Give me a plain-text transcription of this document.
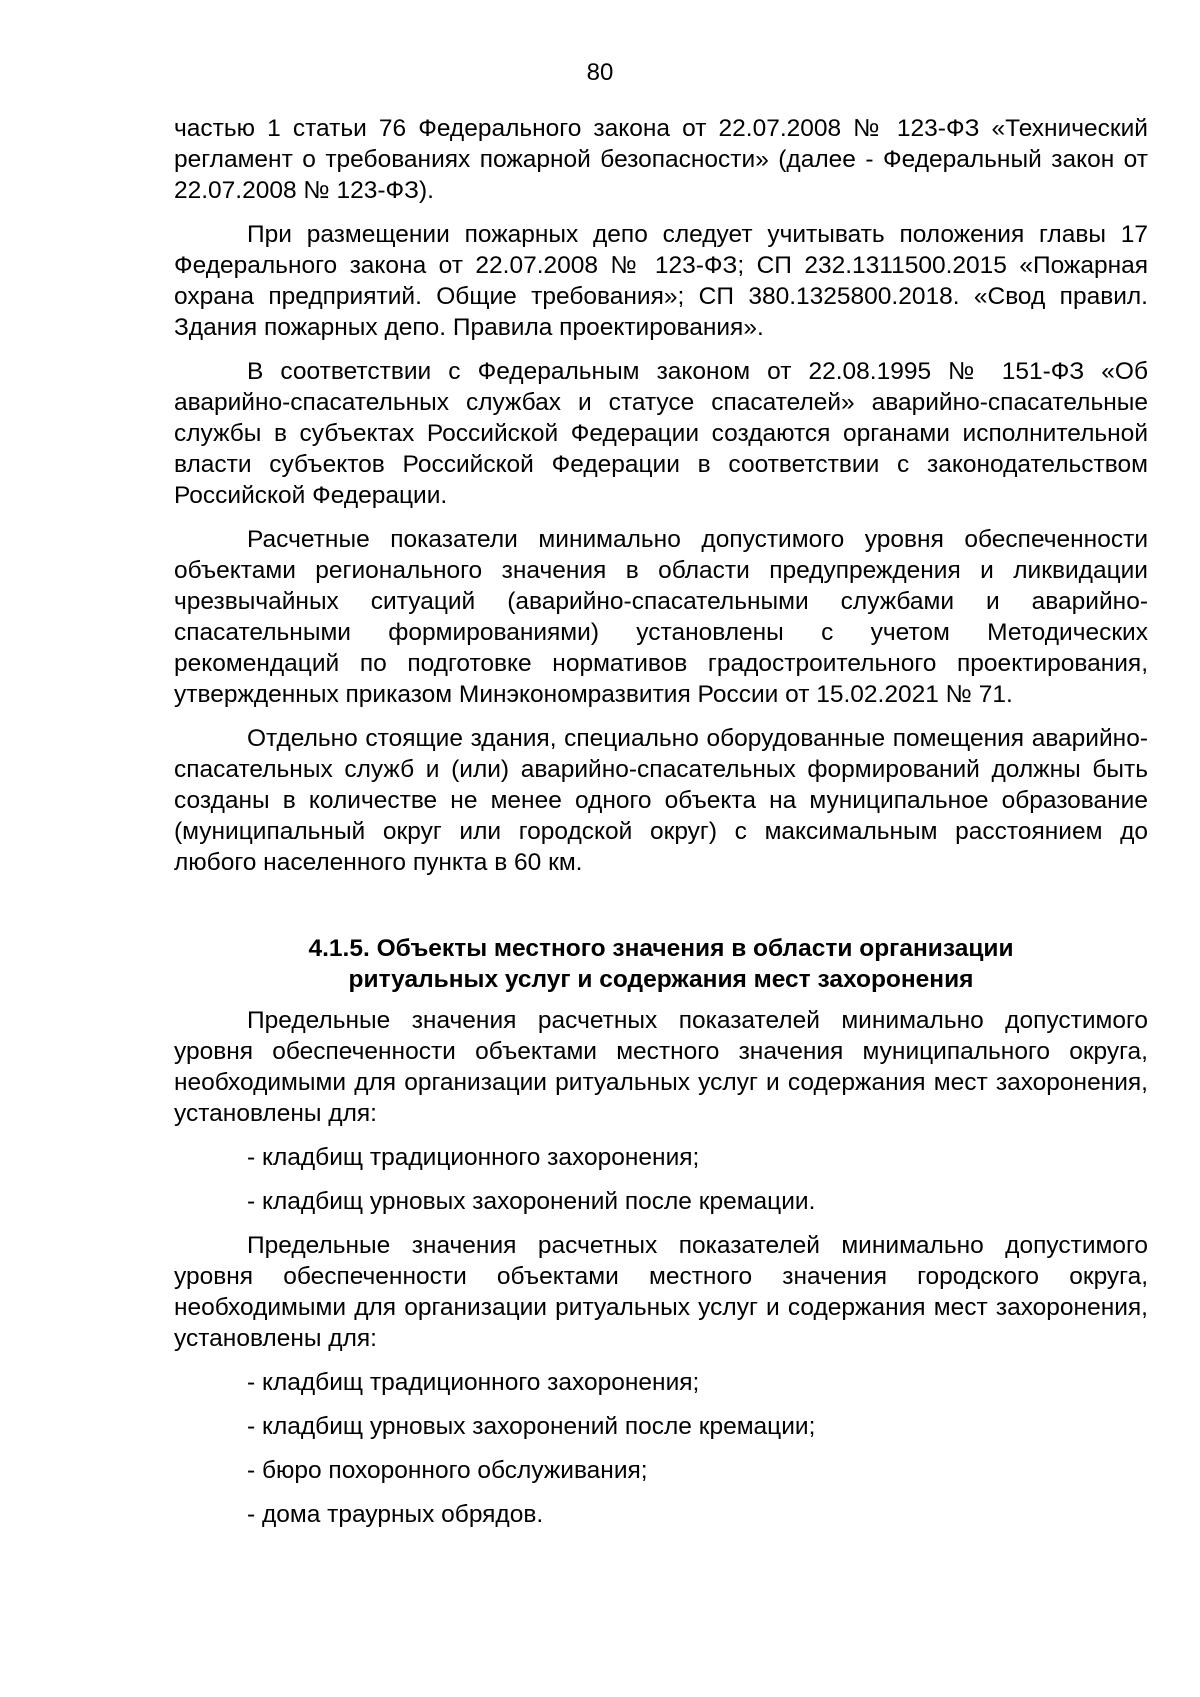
80

частью 1 статьи 76 Федерального закона от 22.07.2008 № 123-ФЗ «Технический регламент о требованиях пожарной безопасности» (далее - Федеральный закон от 22.07.2008 № 123-ФЗ).

При размещении пожарных депо следует учитывать положения главы 17 Федерального закона от 22.07.2008 № 123-ФЗ; СП 232.1311500.2015 «Пожарная охрана предприятий. Общие требования»; СП 380.1325800.2018. «Свод правил. Здания пожарных депо. Правила проектирования».

В соответствии с Федеральным законом от 22.08.1995 № 151-ФЗ «Об аварийно-спасательных службах и статусе спасателей» аварийно-спасательные службы в субъектах Российской Федерации создаются органами исполнительной власти субъектов Российской Федерации в соответствии с законодательством Российской Федерации.

Расчетные показатели минимально допустимого уровня обеспеченности объектами регионального значения в области предупреждения и ликвидации чрезвычайных ситуаций (аварийно-спасательными службами и аварийно-спасательными формированиями) установлены с учетом Методических рекомендаций по подготовке нормативов градостроительного проектирования, утвержденных приказом Минэкономразвития России от 15.02.2021 № 71.

Отдельно стоящие здания, специально оборудованные помещения аварийно-спасательных служб и (или) аварийно-спасательных формирований должны быть созданы в количестве не менее одного объекта на муниципальное образование (муниципальный округ или городской округ) с максимальным расстоянием до любого населенного пункта в 60 км.

4.1.5. Объекты местного значения в области организации
ритуальных услуг и содержания мест захоронения

Предельные значения расчетных показателей минимально допустимого уровня обеспеченности объектами местного значения муниципального округа, необходимыми для организации ритуальных услуг и содержания мест захоронения, установлены для:

- кладбищ традиционного захоронения;

- кладбищ урновых захоронений после кремации.

Предельные значения расчетных показателей минимально допустимого уровня обеспеченности объектами местного значения городского округа, необходимыми для организации ритуальных услуг и содержания мест захоронения, установлены для:

- кладбищ традиционного захоронения;

- кладбищ урновых захоронений после кремации;

- бюро похоронного обслуживания;

- дома траурных обрядов.
